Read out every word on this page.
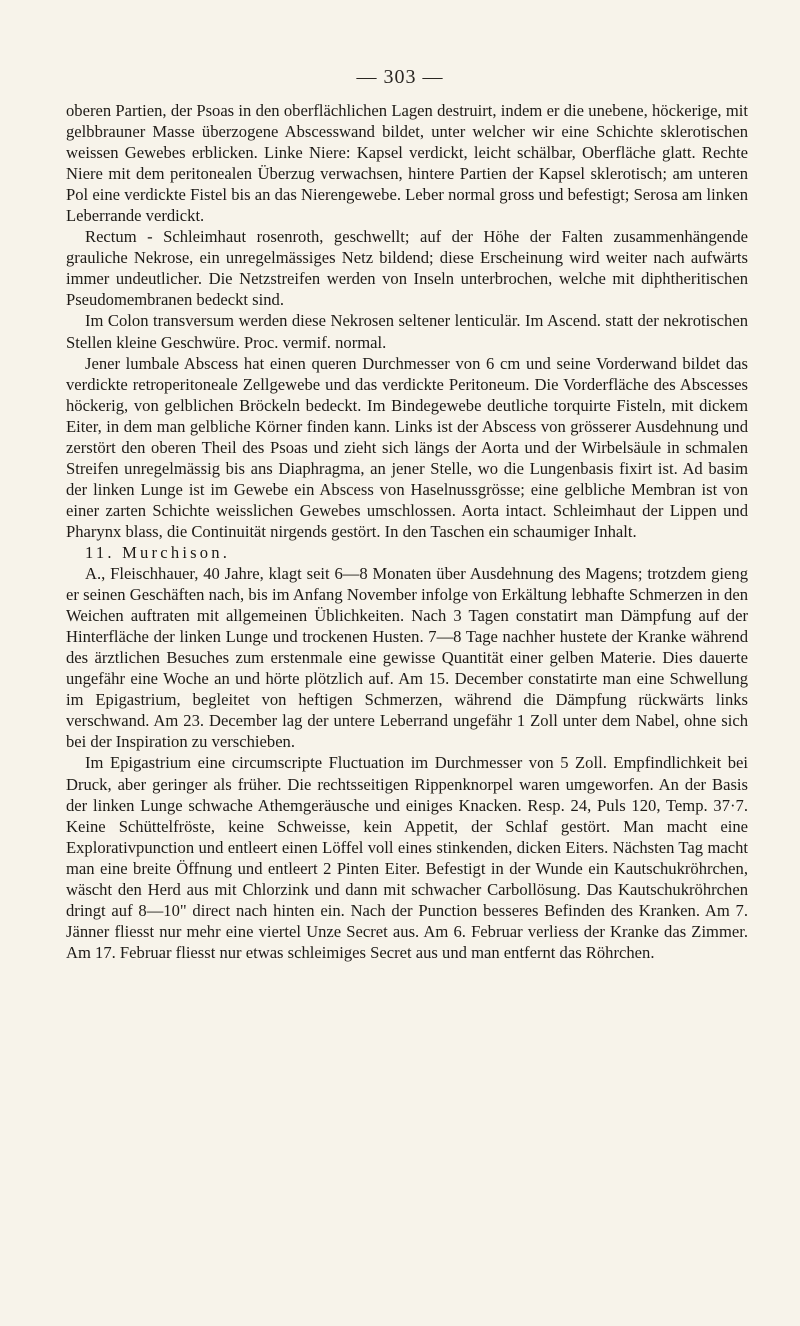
— 303 —

oberen Partien, der Psoas in den oberflächlichen Lagen destruirt, indem er die unebene, höckerige, mit gelbbrauner Masse überzogene Abscesswand bildet, unter welcher wir eine Schichte sklerotischen weissen Gewebes erblicken. Linke Niere: Kapsel verdickt, leicht schälbar, Oberfläche glatt. Rechte Niere mit dem peritonealen Überzug verwachsen, hintere Partien der Kapsel sklerotisch; am unteren Pol eine verdickte Fistel bis an das Nierengewebe. Leber normal gross und befestigt; Serosa am linken Leberrande verdickt.

Rectum - Schleimhaut rosenroth, geschwellt; auf der Höhe der Falten zusammenhängende grauliche Nekrose, ein unregelmässiges Netz bildend; diese Erscheinung wird weiter nach aufwärts immer undeutlicher. Die Netzstreifen werden von Inseln unterbrochen, welche mit diphtheritischen Pseudomembranen bedeckt sind.

Im Colon transversum werden diese Nekrosen seltener lenticulär. Im Ascend. statt der nekrotischen Stellen kleine Geschwüre. Proc. vermif. normal.

Jener lumbale Abscess hat einen queren Durchmesser von 6 cm und seine Vorderwand bildet das verdickte retroperitoneale Zellgewebe und das verdickte Peritoneum. Die Vorderfläche des Abscesses höckerig, von gelblichen Bröckeln bedeckt. Im Bindegewebe deutliche torquirte Fisteln, mit dickem Eiter, in dem man gelbliche Körner finden kann. Links ist der Abscess von grösserer Ausdehnung und zerstört den oberen Theil des Psoas und zieht sich längs der Aorta und der Wirbelsäule in schmalen Streifen unregelmässig bis ans Diaphragma, an jener Stelle, wo die Lungenbasis fixirt ist. Ad basim der linken Lunge ist im Gewebe ein Abscess von Haselnussgrösse; eine gelbliche Membran ist von einer zarten Schichte weisslichen Gewebes umschlossen. Aorta intact. Schleimhaut der Lippen und Pharynx blass, die Continuität nirgends gestört. In den Taschen ein schaumiger Inhalt.

11. Murchison.

A., Fleischhauer, 40 Jahre, klagt seit 6—8 Monaten über Ausdehnung des Magens; trotzdem gieng er seinen Geschäften nach, bis im Anfang November infolge von Erkältung lebhafte Schmerzen in den Weichen auftraten mit allgemeinen Üblichkeiten. Nach 3 Tagen constatirt man Dämpfung auf der Hinterfläche der linken Lunge und trockenen Husten. 7—8 Tage nachher hustete der Kranke während des ärztlichen Besuches zum erstenmale eine gewisse Quantität einer gelben Materie. Dies dauerte ungefähr eine Woche an und hörte plötzlich auf. Am 15. December constatirte man eine Schwellung im Epigastrium, begleitet von heftigen Schmerzen, während die Dämpfung rückwärts links verschwand. Am 23. December lag der untere Leberrand ungefähr 1 Zoll unter dem Nabel, ohne sich bei der Inspiration zu verschieben.

Im Epigastrium eine circumscripte Fluctuation im Durchmesser von 5 Zoll. Empfindlichkeit bei Druck, aber geringer als früher. Die rechtsseitigen Rippenknorpel waren umgeworfen. An der Basis der linken Lunge schwache Athemgeräusche und einiges Knacken. Resp. 24, Puls 120, Temp. 37·7. Keine Schüttelfröste, keine Schweisse, kein Appetit, der Schlaf gestört. Man macht eine Explorativpunction und entleert einen Löffel voll eines stinkenden, dicken Eiters. Nächsten Tag macht man eine breite Öffnung und entleert 2 Pinten Eiter. Befestigt in der Wunde ein Kautschukröhrchen, wäscht den Herd aus mit Chlorzink und dann mit schwacher Carbollösung. Das Kautschukröhrchen dringt auf 8—10" direct nach hinten ein. Nach der Punction besseres Befinden des Kranken. Am 7. Jänner fliesst nur mehr eine viertel Unze Secret aus. Am 6. Februar verliess der Kranke das Zimmer. Am 17. Februar fliesst nur etwas schleimiges Secret aus und man entfernt das Röhrchen.
